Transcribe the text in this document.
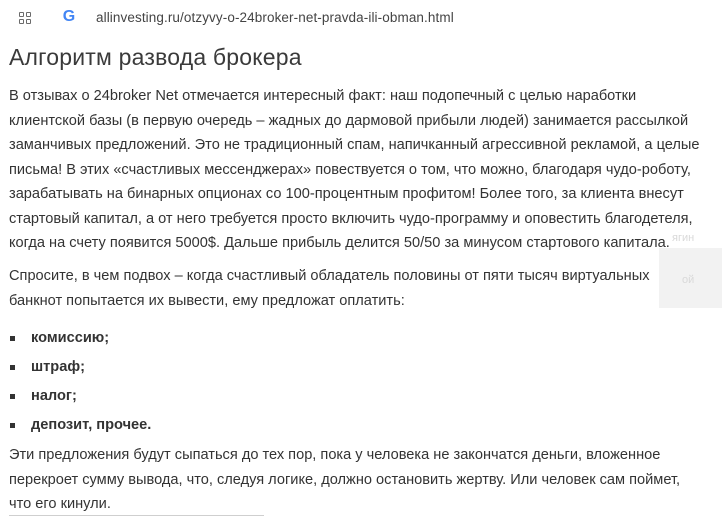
G allinvesting.ru/otzyvy-o-24broker-net-pravda-ili-obman.html
ягин
ой
Алгоритм развода брокера

В отзывах о 24broker Net отмечается интересный факт: наш подопечный с целью наработки
клиентской базы (в первую очередь – жадных до дармовой прибыли людей) занимается рассылкой
заманчивых предложений. Это не традиционный спам, напичканный агрессивной рекламой, а целые
письма! В этих «счастливых мессенджерах» повествуется о том, что можно, благодаря чудо-роботу,
зарабатывать на бинарных опционах со 100-процентным профитом! Более того, за клиента внесут
стартовый капитал, а от него требуется просто включить чудо-программу и оповестить благодетеля,
когда на счету появится 5000$. Дальше прибыль делится 50/50 за минусом стартового капитала.

Спросите, в чем подвох – когда счастливый обладатель половины от пяти тысяч виртуальных
банкнот попытается их вывести, ему предложат оплатить:

комиссию;
штраф;
налог;
депозит, прочее.

Эти предложения будут сыпаться до тех пор, пока у человека не закончатся деньги, вложенное
перекроет сумму вывода, что, следуя логике, должно остановить жертву. Или человек сам поймет,
что его кинули.
